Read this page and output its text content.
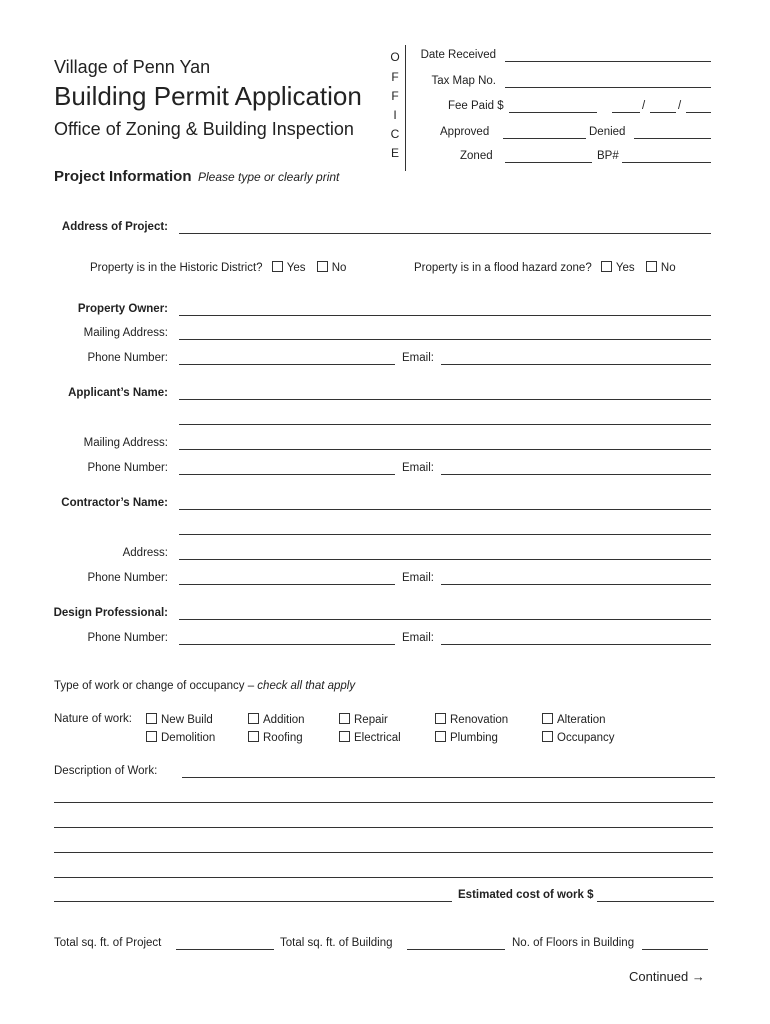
Village of Penn Yan
Building Permit Application
Office of Zoning & Building Inspection
O
F
F
I
C
E
Date Received
Tax Map No.
Fee Paid $	/	/
Approved	Denied
Zoned	BP#
Project Information Please type or clearly print
Address of Project:
Property is in the Historic District? Yes No	Property is in a flood hazard zone? Yes No
Property Owner:
Mailing Address:
Phone Number:	Email:
Applicant’s Name:
Mailing Address:
Phone Number:	Email:
Contractor’s Name:
Address:
Phone Number:	Email:
Design Professional:
Phone Number:	Email:
Type of work or change of occupancy – check all that apply
Nature of work:	New Build	Addition	Repair	Renovation	Alteration
Demolition	Roofing	Electrical	Plumbing	Occupancy
Description of Work:
Estimated cost of work $
Total sq. ft. of Project	Total sq. ft. of Building	No. of Floors in Building
Continued →
